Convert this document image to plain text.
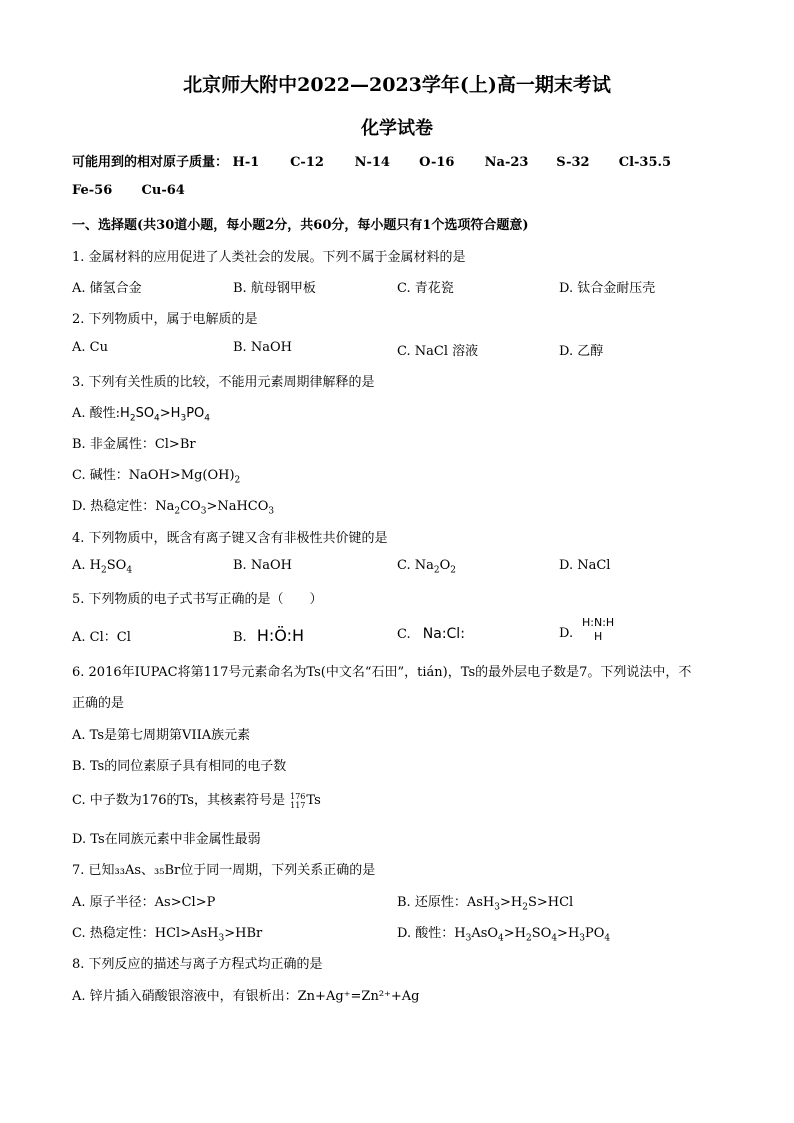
北京师大附中2022—2023学年(上)高一期末考试
化学试卷
可能用到的相对原子质量： H-1 C-12 N-14 O-16 Na-23 S-32 Cl-35.5
Fe-56 Cu-64
一、选择题(共30道小题，每小题2分，共60分，每小题只有1个选项符合题意)
1. 金属材料的应用促进了人类社会的发展。下列不属于金属材料的是
A. 储氢合金	B. 航母钢甲板	C. 青花瓷	D. 钛合金耐压壳
2. 下列物质中，属于电解质的是
A. Cu	B. NaOH	C. NaCl 溶液	D. 乙醇
3. 下列有关性质的比较，不能用元素周期律解释的是
A. 酸性$:H_2SO_4>H_3PO_4$
B. 非金属性：Cl>Br
C. 碱性：$NaOH>Mg(OH)_2$
D. 热稳定性：$Na_2CO_3>NaHCO_3$
4. 下列物质中，既含有离子键又含有非极性共价键的是
A. $H_2SO_4$	B. NaOH	C. $Na_2O_2$	D. NaCl
5. 下列物质的电子式书写正确的是（　　）
A. Cl：Cl	B. H:Ö:H	C. Na:Cl:	D.
H:N:H
H
6. 2016年IUPAC将第117号元素命名为Ts(中文名“石田”，tián)，Ts的最外层电子数是7。下列说法中，不
正确的是
A. Ts是第七周期第VIIA族元素
B. Ts的同位素原子具有相同的电子数
C. 中子数为176的Ts，其核素符号是 176
117 Ts
D. Ts在同族元素中非金属性最弱
7. 已知₃₃As、₃₅Br位于同一周期，下列关系正确的是
A. 原子半径：As>Cl>P	B. 还原性：$AsH_3>H_2S>HCl$
C. 热稳定性：HCl>AsH$_3$>HBr	D. 酸性：$H_3AsO_4>H_2SO_4>H_3PO_4$
8. 下列反应的描述与离子方程式均正确的是
A. 锌片插入硝酸银溶液中，有银析出：Zn+Ag⁺=Zn²⁺+Ag
